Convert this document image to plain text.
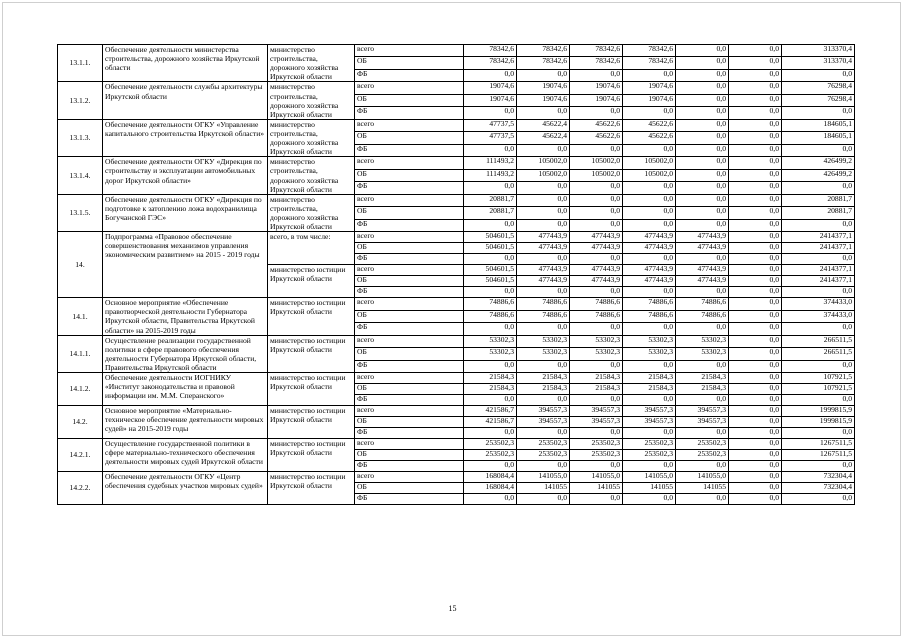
13.1.1.	Обеспечение деятельности министерства строительства, дорожного хозяйства Иркутской области	министерство строительства, дорожного хозяйства Иркутской области	всего	78342,6	78342,6	78342,6	78342,6	0,0	0,0	313370,4
			ОБ	78342,6	78342,6	78342,6	78342,6	0,0	0,0	313370,4
			ФБ	0,0	0,0	0,0	0,0	0,0	0,0	0,0
13.1.2.	Обеспечение деятельности службы архитектуры Иркутской области	министерство строительства, дорожного хозяйства Иркутской области	всего	19074,6	19074,6	19074,6	19074,6	0,0	0,0	76298,4
			ОБ	19074,6	19074,6	19074,6	19074,6	0,0	0,0	76298,4
			ФБ	0,0	0,0	0,0	0,0	0,0	0,0	0,0
13.1.3.	Обеспечение деятельности ОГКУ «Управление капитального строительства Иркутской области»	министерство строительства, дорожного хозяйства Иркутской области	всего	47737,5	45622,4	45622,6	45622,6	0,0	0,0	184605,1
			ОБ	47737,5	45622,4	45622,6	45622,6	0,0	0,0	184605,1
			ФБ	0,0	0,0	0,0	0,0	0,0	0,0	0,0
13.1.4.	Обеспечение деятельности ОГКУ «Дирекция по строительству и эксплуатации автомобильных дорог Иркутской области»	министерство строительства, дорожного хозяйства Иркутской области	всего	111493,2	105002,0	105002,0	105002,0	0,0	0,0	426499,2
			ОБ	111493,2	105002,0	105002,0	105002,0	0,0	0,0	426499,2
			ФБ	0,0	0,0	0,0	0,0	0,0	0,0	0,0
13.1.5.	Обеспечение деятельности ОГКУ «Дирекция по подготовке к затоплению ложа водохранилища Богучанской ГЭС»	министерство строительства, дорожного хозяйства Иркутской области	всего	20881,7	0,0	0,0	0,0	0,0	0,0	20881,7
			ОБ	20881,7	0,0	0,0	0,0	0,0	0,0	20881,7
			ФБ	0,0	0,0	0,0	0,0	0,0	0,0	0,0
14.	Подпрограмма «Правовое обеспечение совершенствования механизмов управления экономическим развитием» на 2015 - 2019 годы	всего, в том числе:	всего	504601,5	477443,9	477443,9	477443,9	477443,9	0,0	2414377,1
			ОБ	504601,5	477443,9	477443,9	477443,9	477443,9	0,0	2414377,1
			ФБ	0,0	0,0	0,0	0,0	0,0	0,0	0,0
		министерство юстиции Иркутской области	всего	504601,5	477443,9	477443,9	477443,9	477443,9	0,0	2414377,1
			ОБ	504601,5	477443,9	477443,9	477443,9	477443,9	0,0	2414377,1
			ФБ	0,0	0,0	0,0	0,0	0,0	0,0	0,0
14.1.	Основное мероприятие «Обеспечение правотворческой деятельности Губернатора Иркутской области, Правительства Иркутской области» на 2015-2019 годы	министерство юстиции Иркутской области	всего	74886,6	74886,6	74886,6	74886,6	74886,6	0,0	374433,0
			ОБ	74886,6	74886,6	74886,6	74886,6	74886,6	0,0	374433,0
			ФБ	0,0	0,0	0,0	0,0	0,0	0,0	0,0
14.1.1.	Осуществление реализации государственной политики в сфере правового обеспечения деятельности Губернатора Иркутской области, Правительства Иркутской области	министерство юстиции Иркутской области	всего	53302,3	53302,3	53302,3	53302,3	53302,3	0,0	266511,5
			ОБ	53302,3	53302,3	53302,3	53302,3	53302,3	0,0	266511,5
			ФБ	0,0	0,0	0,0	0,0	0,0	0,0	0,0
14.1.2.	Обеспечение деятельности ИОГНИКУ «Институт законодательства и правовой информации им. М.М. Сперанского»	министерство юстиции Иркутской области	всего	21584,3	21584,3	21584,3	21584,3	21584,3	0,0	107921,5
			ОБ	21584,3	21584,3	21584,3	21584,3	21584,3	0,0	107921,5
			ФБ	0,0	0,0	0,0	0,0	0,0	0,0	0,0
14.2.	Основное мероприятие «Материально-техническое обеспечение деятельности мировых судей» на 2015-2019 годы	министерство юстиции Иркутской области	всего	421586,7	394557,3	394557,3	394557,3	394557,3	0,0	1999815,9
			ОБ	421586,7	394557,3	394557,3	394557,3	394557,3	0,0	1999815,9
			ФБ	0,0	0,0	0,0	0,0	0,0	0,0	0,0
14.2.1.	Осуществление государственной политики в сфере материально-технического обеспечения деятельности мировых судей Иркутской области	министерство юстиции Иркутской области	всего	253502,3	253502,3	253502,3	253502,3	253502,3	0,0	1267511,5
			ОБ	253502,3	253502,3	253502,3	253502,3	253502,3	0,0	1267511,5
			ФБ	0,0	0,0	0,0	0,0	0,0	0,0	0,0
14.2.2.	Обеспечение деятельности ОГКУ «Центр обеспечения судебных участков мировых судей»	министерство юстиции Иркутской области	всего	168084,4	141055,0	141055,0	141055,0	141055,0	0,0	732304,4
			ОБ	168084,4	141055	141055	141055	141055	0,0	732304,4
			ФБ	0,0	0,0	0,0	0,0	0,0	0,0	0,0
15
